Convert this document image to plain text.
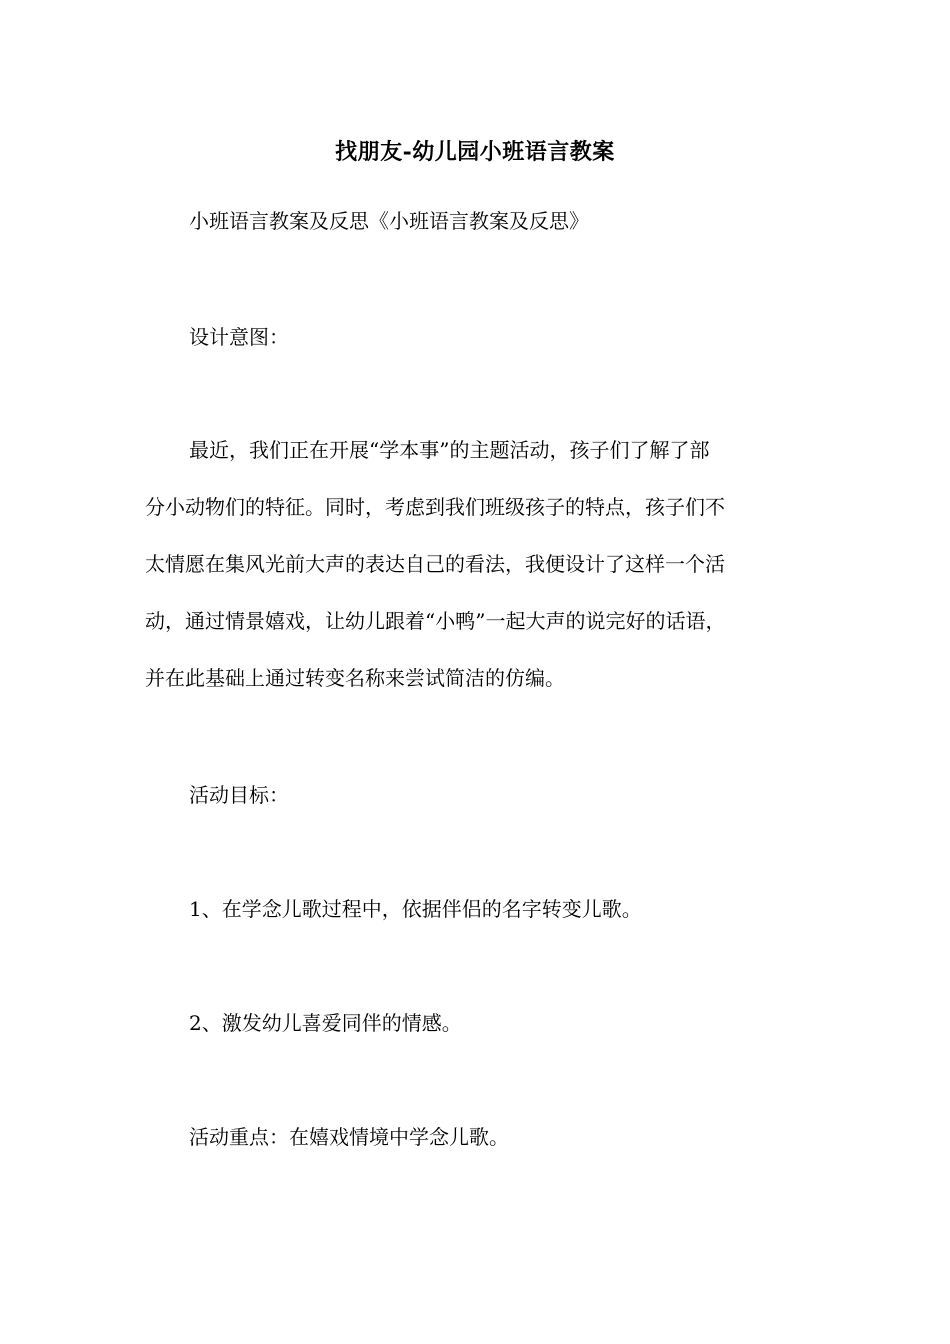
找朋友-幼儿园小班语言教案
小班语言教案及反思《小班语言教案及反思》
设计意图：
最近，我们正在开展“学本事”的主题活动，孩子们了解了部
分小动物们的特征。同时，考虑到我们班级孩子的特点，孩子们不
太情愿在集风光前大声的表达自己的看法，我便设计了这样一个活
动，通过情景嬉戏，让幼儿跟着“小鸭”一起大声的说完好的话语，
并在此基础上通过转变名称来尝试简洁的仿编。
活动目标：
1、在学念儿歌过程中，依据伴侣的名字转变儿歌。
2、激发幼儿喜爱同伴的情感。
活动重点：在嬉戏情境中学念儿歌。
